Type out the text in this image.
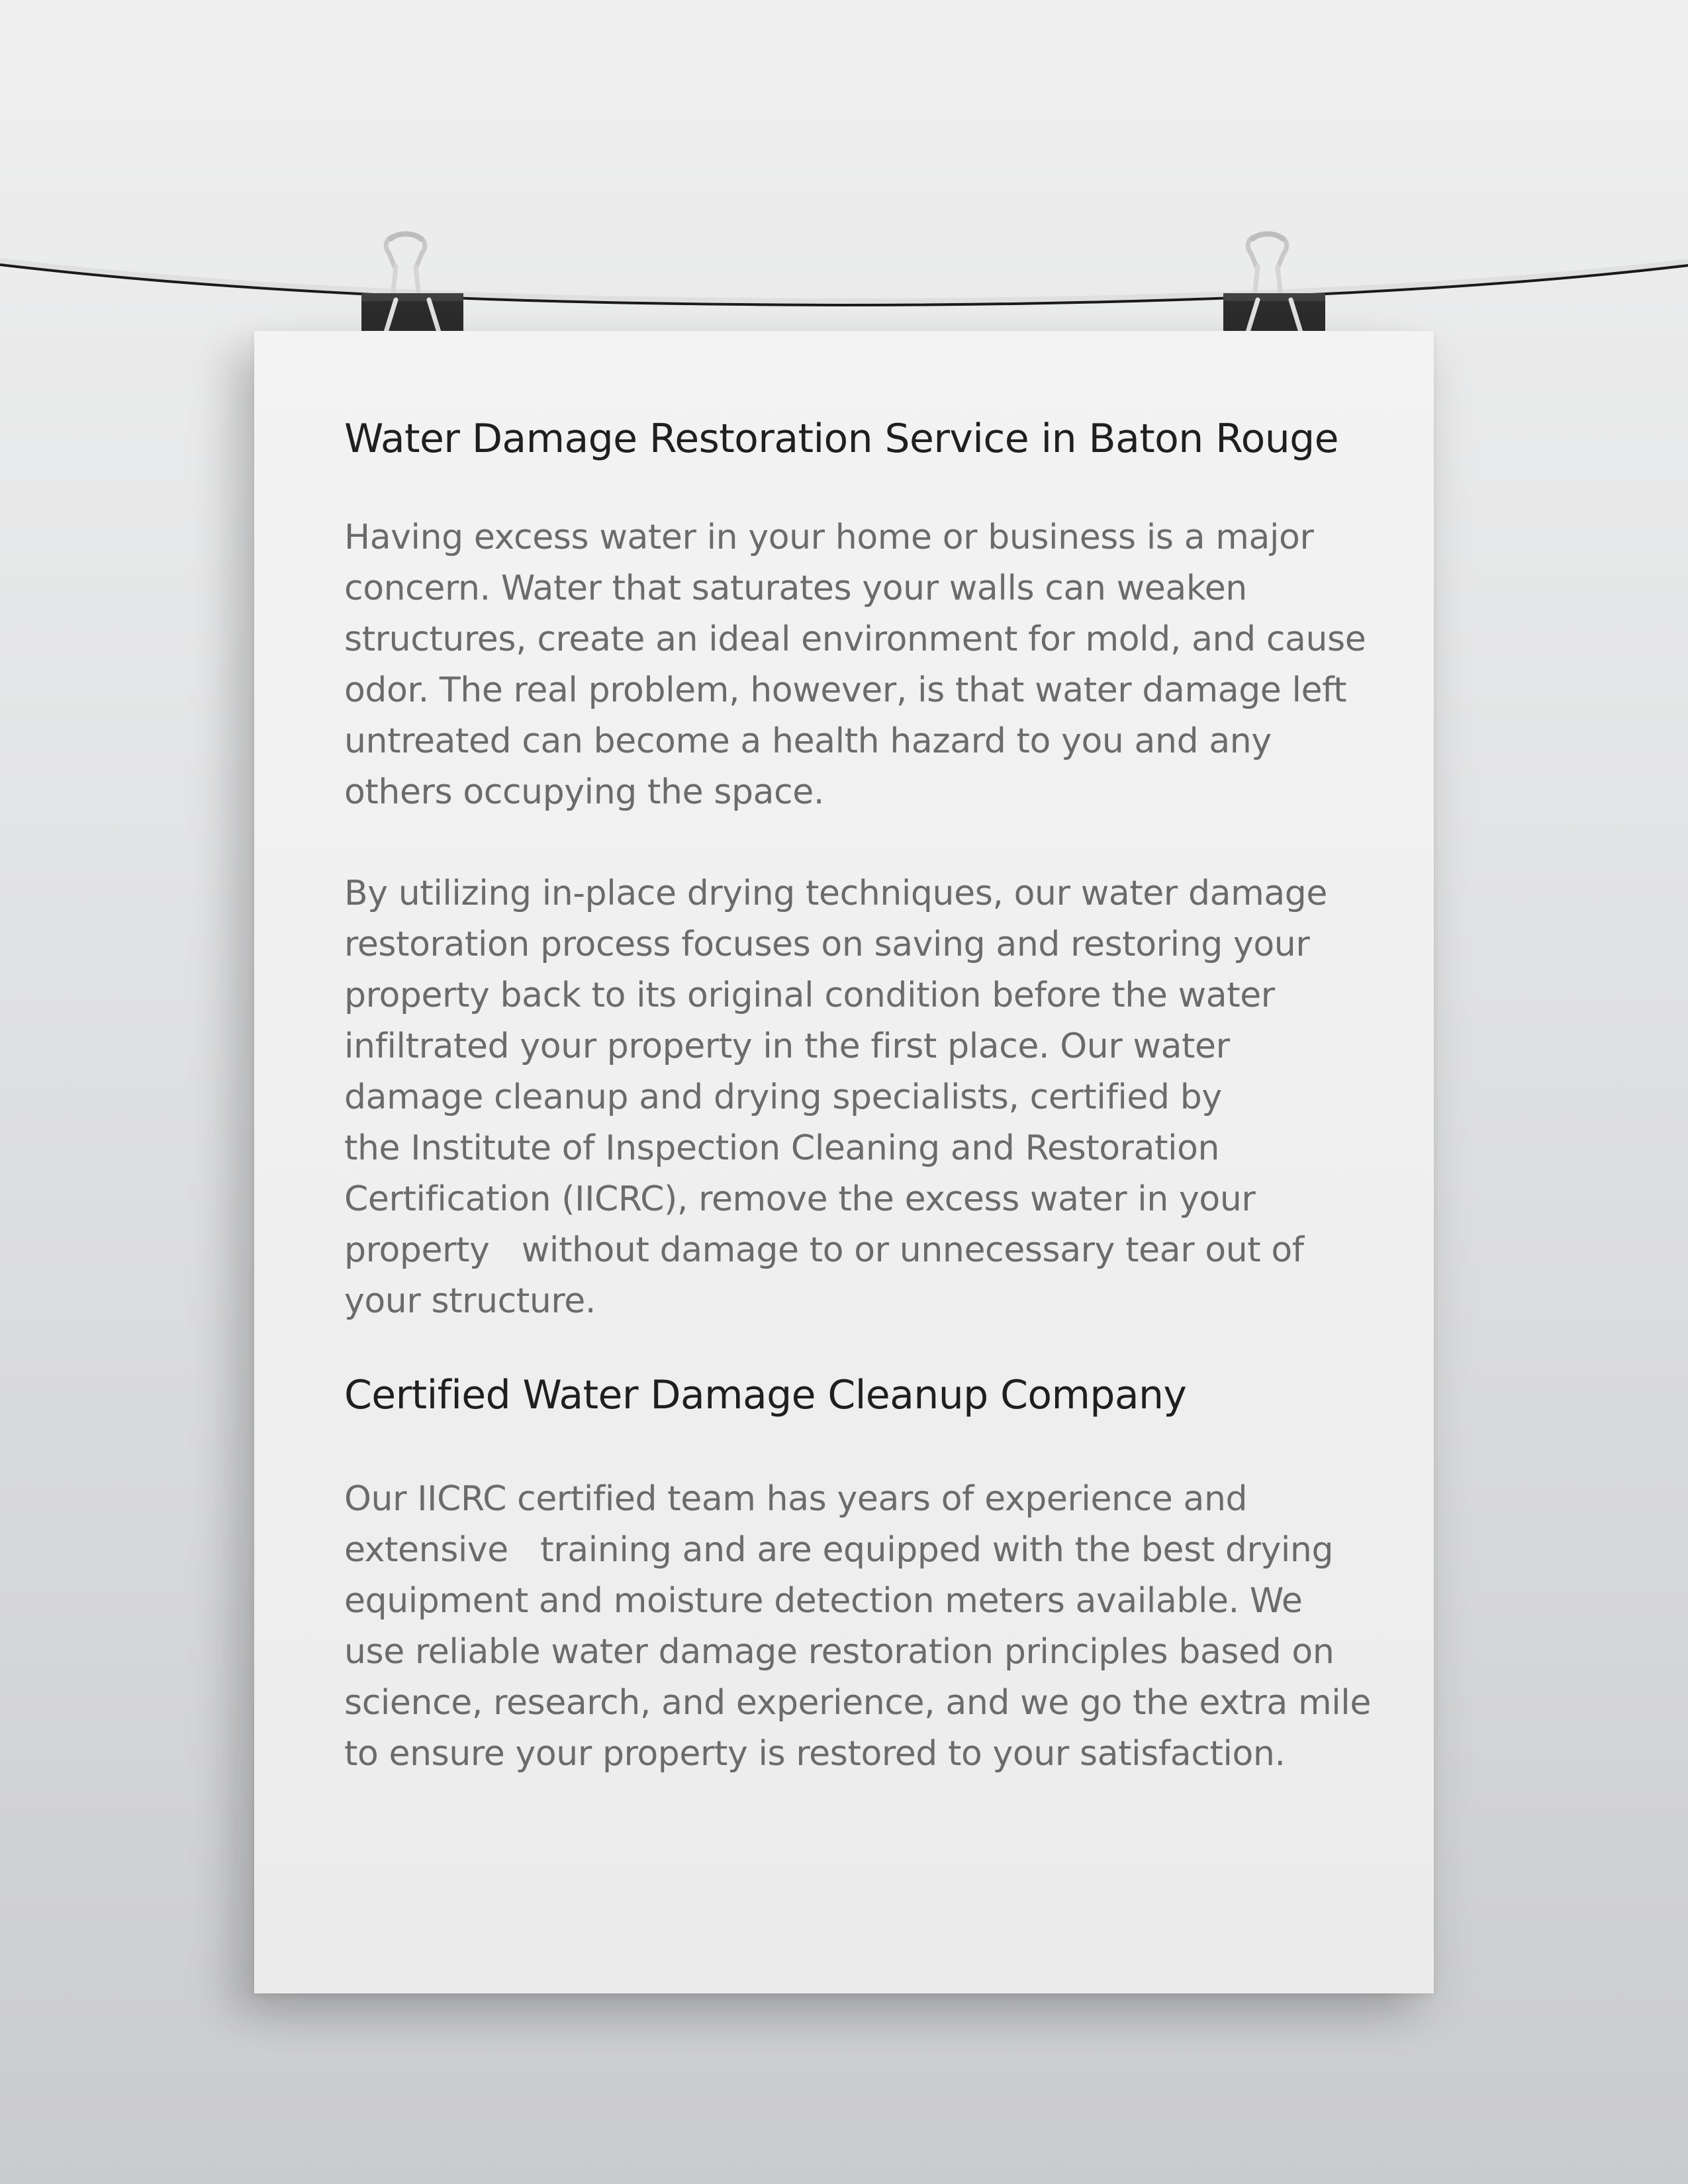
Water Damage Restoration Service in Baton Rouge

Having excess water in your home or business is a major
concern. Water that saturates your walls can weaken
structures, create an ideal environment for mold, and cause
odor. The real problem, however, is that water damage left
untreated can become a health hazard to you and any
others occupying the space.

By utilizing in-place drying techniques, our water damage
restoration process focuses on saving and restoring your
property back to its original condition before the water
infiltrated your property in the first place. Our water
damage cleanup and drying specialists, certified by
the Institute of Inspection Cleaning and Restoration
Certification (IICRC), remove the excess water in your
property   without damage to or unnecessary tear out of
your structure.

Certified Water Damage Cleanup Company

Our IICRC certified team has years of experience and
extensive   training and are equipped with the best drying
equipment and moisture detection meters available. We
use reliable water damage restoration principles based on
science, research, and experience, and we go the extra mile
to ensure your property is restored to your satisfaction.
